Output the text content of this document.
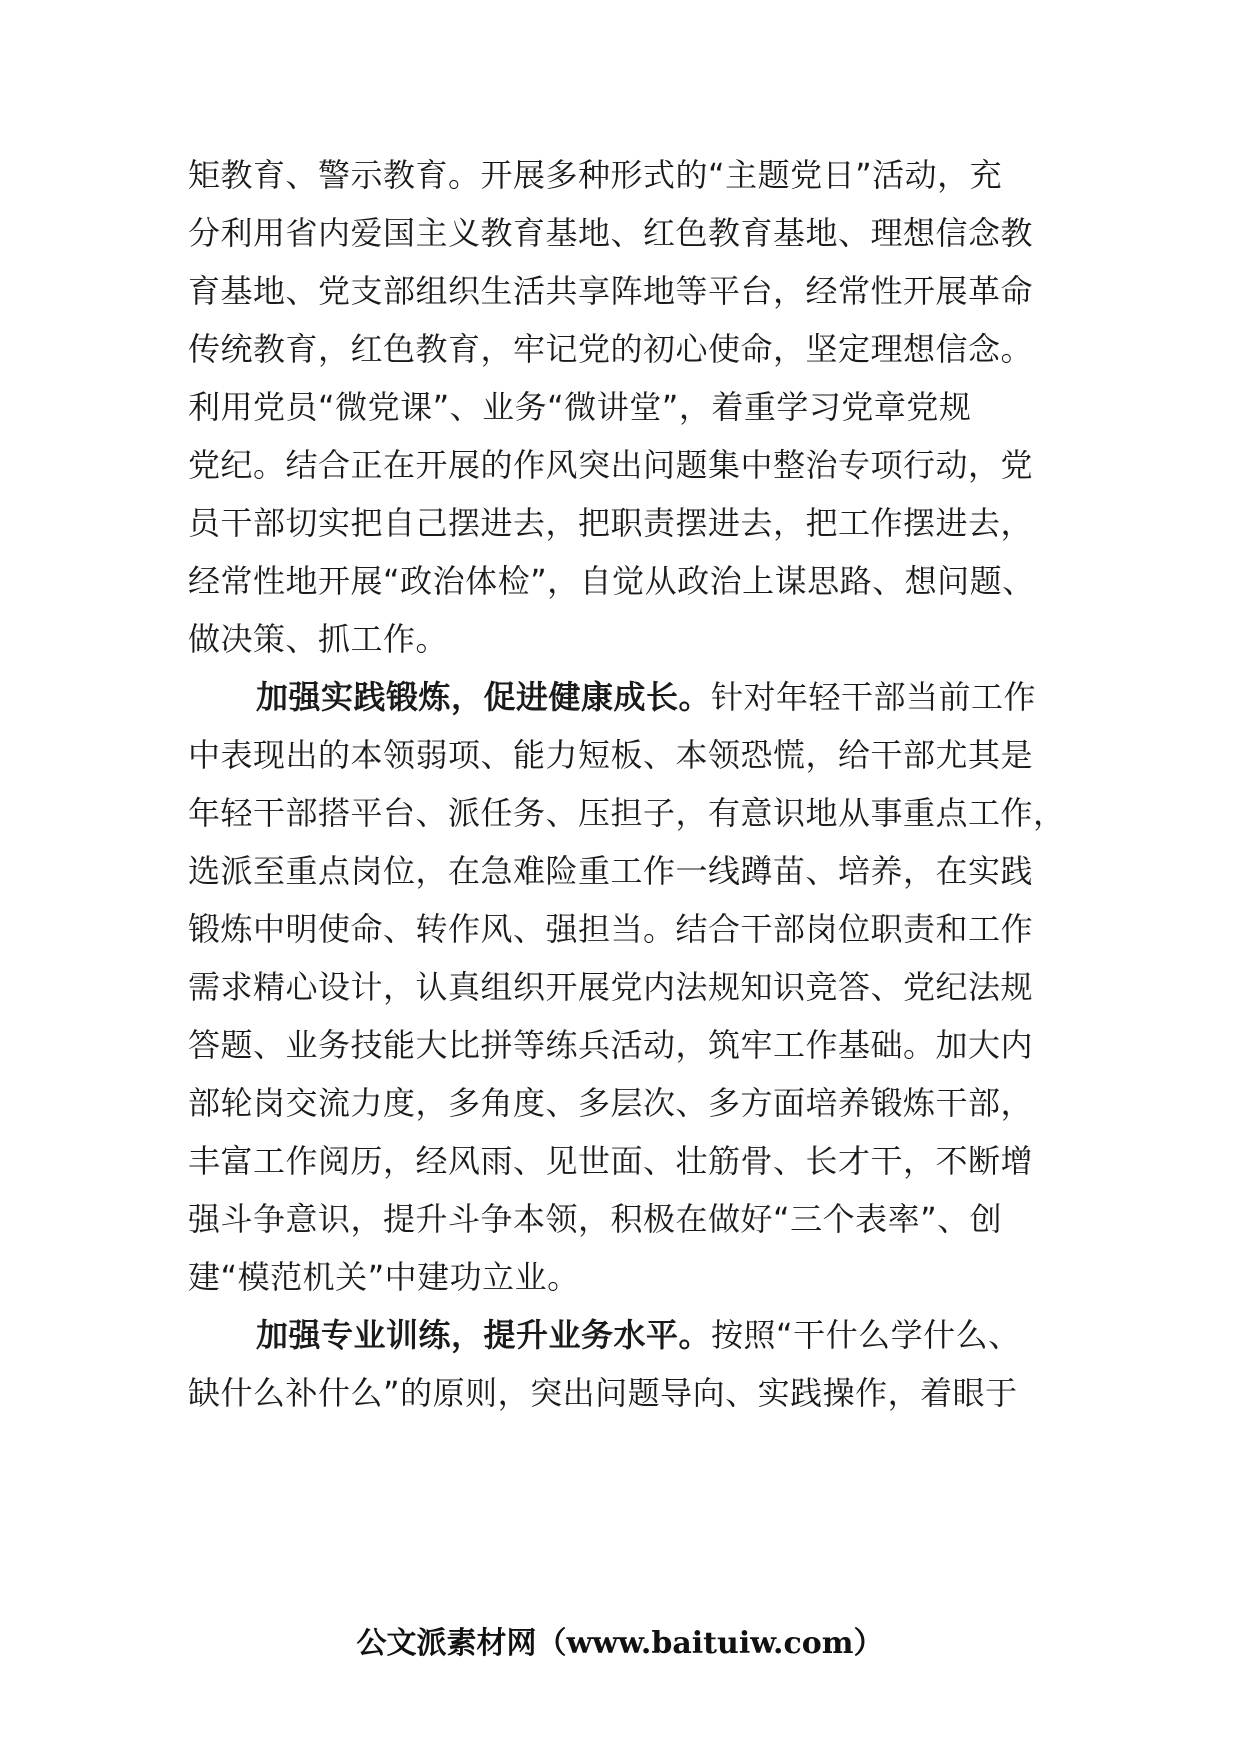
矩教育、警示教育。开展多种形式的“主题党日”活动，充
分利用省内爱国主义教育基地、红色教育基地、理想信念教
育基地、党支部组织生活共享阵地等平台，经常性开展革命
传统教育，红色教育，牢记党的初心使命，坚定理想信念。
利用党员“微党课”、业务“微讲堂”，着重学习党章党规
党纪。结合正在开展的作风突出问题集中整治专项行动，党
员干部切实把自己摆进去，把职责摆进去，把工作摆进去，
经常性地开展“政治体检”，自觉从政治上谋思路、想问题、
做决策、抓工作。
加强实践锻炼，促进健康成长。针对年轻干部当前工作
中表现出的本领弱项、能力短板、本领恐慌，给干部尤其是
年轻干部搭平台、派任务、压担子，有意识地从事重点工作，
选派至重点岗位，在急难险重工作一线蹲苗、培养，在实践
锻炼中明使命、转作风、强担当。结合干部岗位职责和工作
需求精心设计，认真组织开展党内法规知识竞答、党纪法规
答题、业务技能大比拼等练兵活动，筑牢工作基础。加大内
部轮岗交流力度，多角度、多层次、多方面培养锻炼干部，
丰富工作阅历，经风雨、见世面、壮筋骨、长才干，不断增
强斗争意识，提升斗争本领，积极在做好“三个表率”、创
建“模范机关”中建功立业。
加强专业训练，提升业务水平。按照“干什么学什么、
缺什么补什么”的原则，突出问题导向、实践操作，着眼于
公文派素材网（www.baituiw.com）
